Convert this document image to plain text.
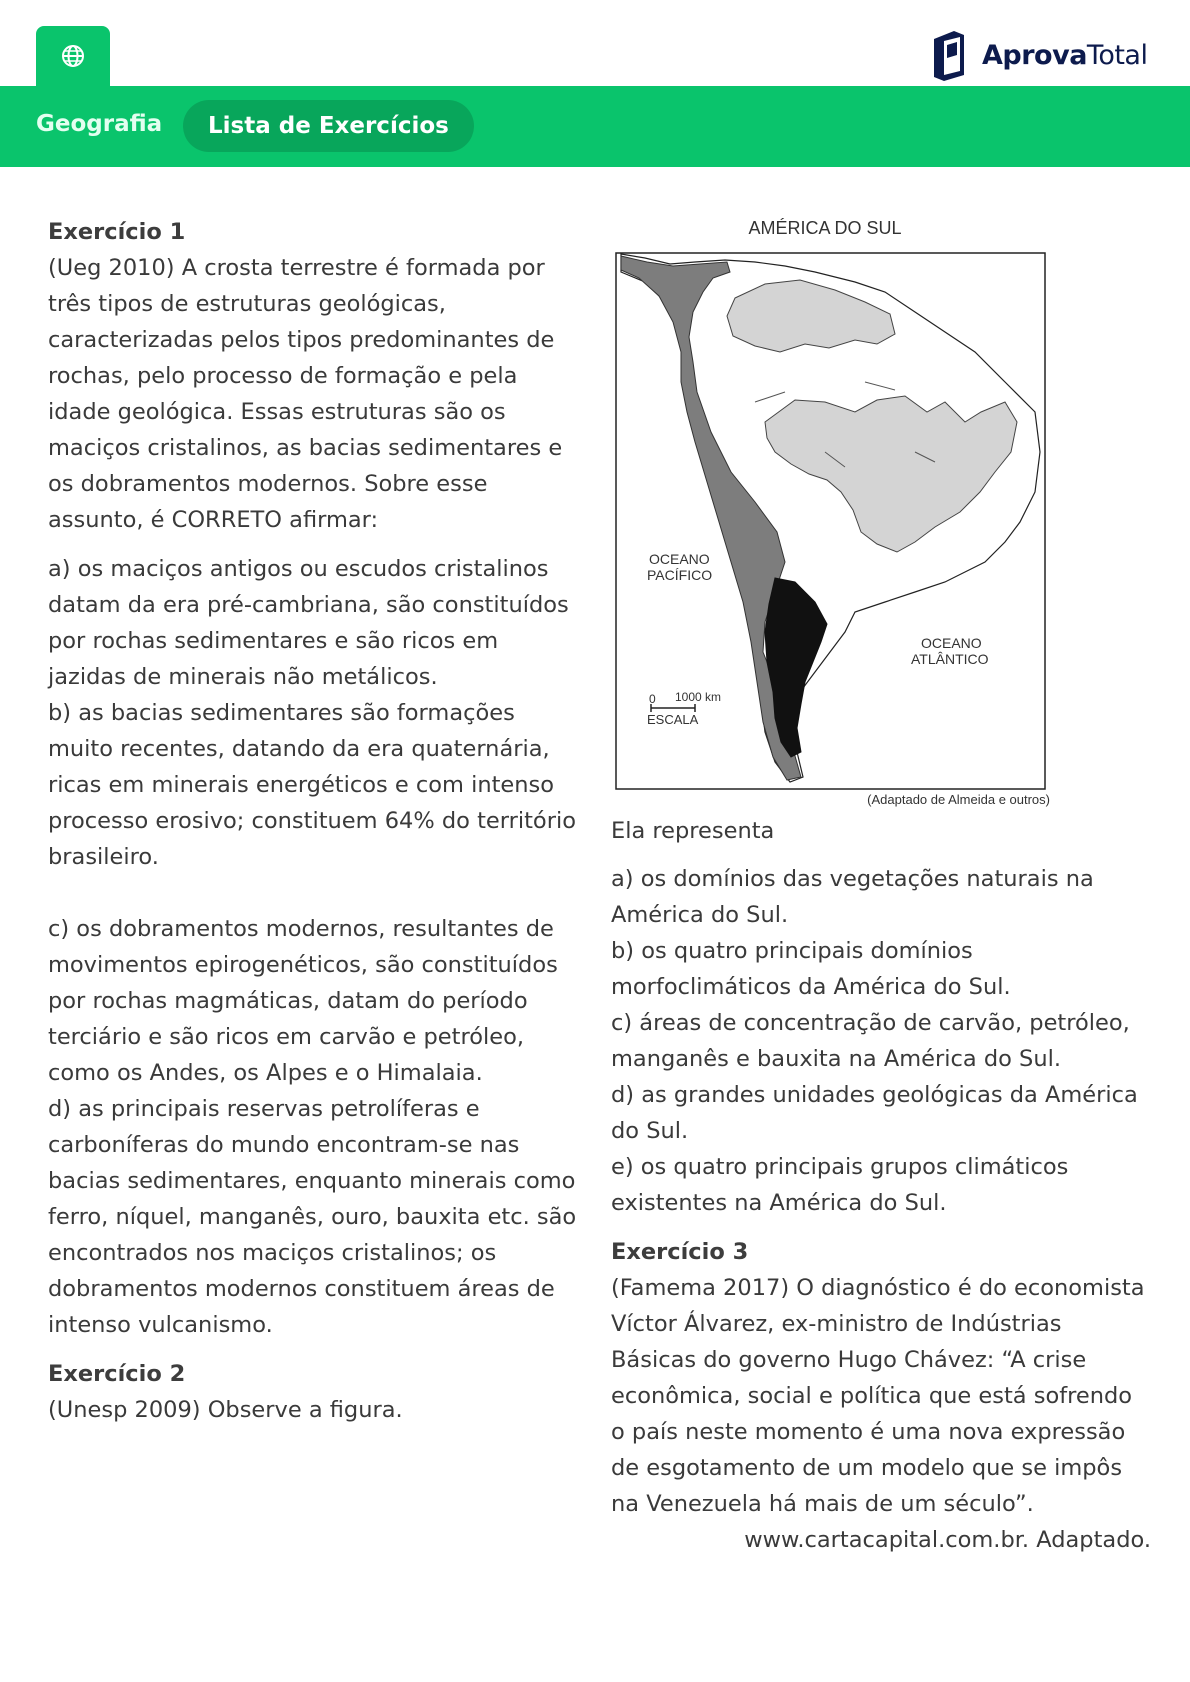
AprovaTotal
Geografia	Lista de Exercícios

Exercício 1

(Ueg 2010) A crosta terrestre é formada por três tipos de estruturas geológicas, caracterizadas pelos tipos predominantes de rochas, pelo processo de formação e pela idade geológica. Essas estruturas são os maciços cristalinos, as bacias sedimentares e os dobramentos modernos. Sobre esse assunto, é CORRETO afirmar:

a) os maciços antigos ou escudos cristalinos datam da era pré-cambriana, são constituídos por rochas sedimentares e são ricos em jazidas de minerais não metálicos.

b) as bacias sedimentares são formações muito recentes, datando da era quaternária, ricas em minerais energéticos e com intenso processo erosivo; constituem 64% do território brasileiro.

c) os dobramentos modernos, resultantes de movimentos epirogenéticos, são constituídos por rochas magmáticas, datam do período terciário e são ricos em carvão e petróleo, como os Andes, os Alpes e o Himalaia.

d) as principais reservas petrolíferas e carboníferas do mundo encontram-se nas bacias sedimentares, enquanto minerais como ferro, níquel, manganês, ouro, bauxita etc. são encontrados nos maciços cristalinos; os dobramentos modernos constituem áreas de intenso vulcanismo.

Exercício 2

(Unesp 2009) Observe a figura.

AMÉRICA DO SUL
OCEANO
PACÍFICO
OCEANO
ATLÂNTICO
0 1000 km
ESCALA
(Adaptado de Almeida e outros)

Ela representa

a) os domínios das vegetações naturais na América do Sul.

b) os quatro principais domínios morfoclimáticos da América do Sul.

c) áreas de concentração de carvão, petróleo, manganês e bauxita na América do Sul.

d) as grandes unidades geológicas da América do Sul.

e) os quatro principais grupos climáticos existentes na América do Sul.

Exercício 3

(Famema 2017) O diagnóstico é do economista Víctor Álvarez, ex-ministro de Indústrias Básicas do governo Hugo Chávez: “A crise econômica, social e política que está sofrendo o país neste momento é uma nova expressão de esgotamento de um modelo que se impôs na Venezuela há mais de um século”.

www.cartacapital.com.br. Adaptado.
